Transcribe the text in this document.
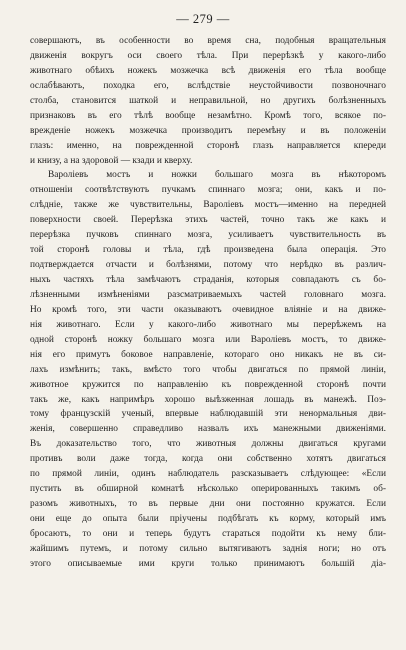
— 279 —
совершаютъ, въ особенности во время сна, подобныя вращательныя
движенія вокругъ оси своего тѣла. При перерѣзкѣ у какого-либо
животнаго обѣихъ ножекъ мозжечка всѣ движенія его тѣла вообще
ослабѣваютъ, походка его, вслѣдствіе неустойчивости позвоночнаго
столба, становится шаткой и неправильной, но другихъ болѣзненныхъ
признаковъ въ его тѣлѣ вообще незамѣтно. Кромѣ того, всякое по-
врежденіе ножекъ мозжечка производитъ перемѣну и въ положеніи
глазъ: именно, на поврежденной сторонѣ глазъ направляется кпереди
и книзу, а на здоровой — кзади и кверху.
Вароліевъ мостъ и ножки большаго мозга въ нѣкоторомъ
отношеніи соотвѣтствуютъ пучкамъ спиннаго мозга; они, какъ и по-
слѣдніе, также же чувствительны, Вароліевъ мостъ—именно на передней
поверхности своей. Перерѣзка этихъ частей, точно такъ же какъ и
перерѣзка пучковъ спиннаго мозга, усиливаетъ чувствительность въ
той сторонѣ головы и тѣла, гдѣ произведена была операція. Это
подтверждается отчасти и болѣзнями, потому что нерѣдко въ различ-
ныхъ частяхъ тѣла замѣчаютъ страданія, которыя совпадаютъ съ бо-
лѣзненными измѣненіями разсматриваемыхъ частей головнаго мозга.
Но кромѣ того, эти части оказываютъ очевидное вліяніе и на движе-
нія животнаго. Если у какого-либо животнаго мы перерѣжемъ на
одной сторонѣ ножку большаго мозга или Вароліевъ мостъ, то движе-
нія его примутъ боковое направленіе, котораго оно никакъ не въ си-
лахъ измѣнить; такъ, вмѣсто того чтобы двигаться по прямой линіи,
животное кружится по направленію къ поврежденной сторонѣ почти
такъ же, какъ напримѣръ хорошо выѣзженная лошадь въ манежѣ. Поэ-
тому французскій ученый, впервые наблюдавшій эти ненормальныя дви-
женія, совершенно справедливо назвалъ ихъ манежными движеніями.
Въ доказательство того, что животныя должны двигаться кругами
противъ воли даже тогда, когда они собственно хотятъ двигаться
по прямой линіи, одинъ наблюдатель разсказываетъ слѣдующее: «Если
пустить въ обширной комнатѣ нѣсколько оперированныхъ такимъ об-
разомъ животныхъ, то въ первые дни они постоянно кружатся. Если
они еще до опыта были пріучены подбѣгать къ корму, который имъ
бросаютъ, то они и теперь будутъ стараться подойти къ нему бли-
жайшимъ путемъ, и потому сильно вытягиваютъ заднія ноги; но отъ
этого описываемые ими круги только принимаютъ большій діа-
